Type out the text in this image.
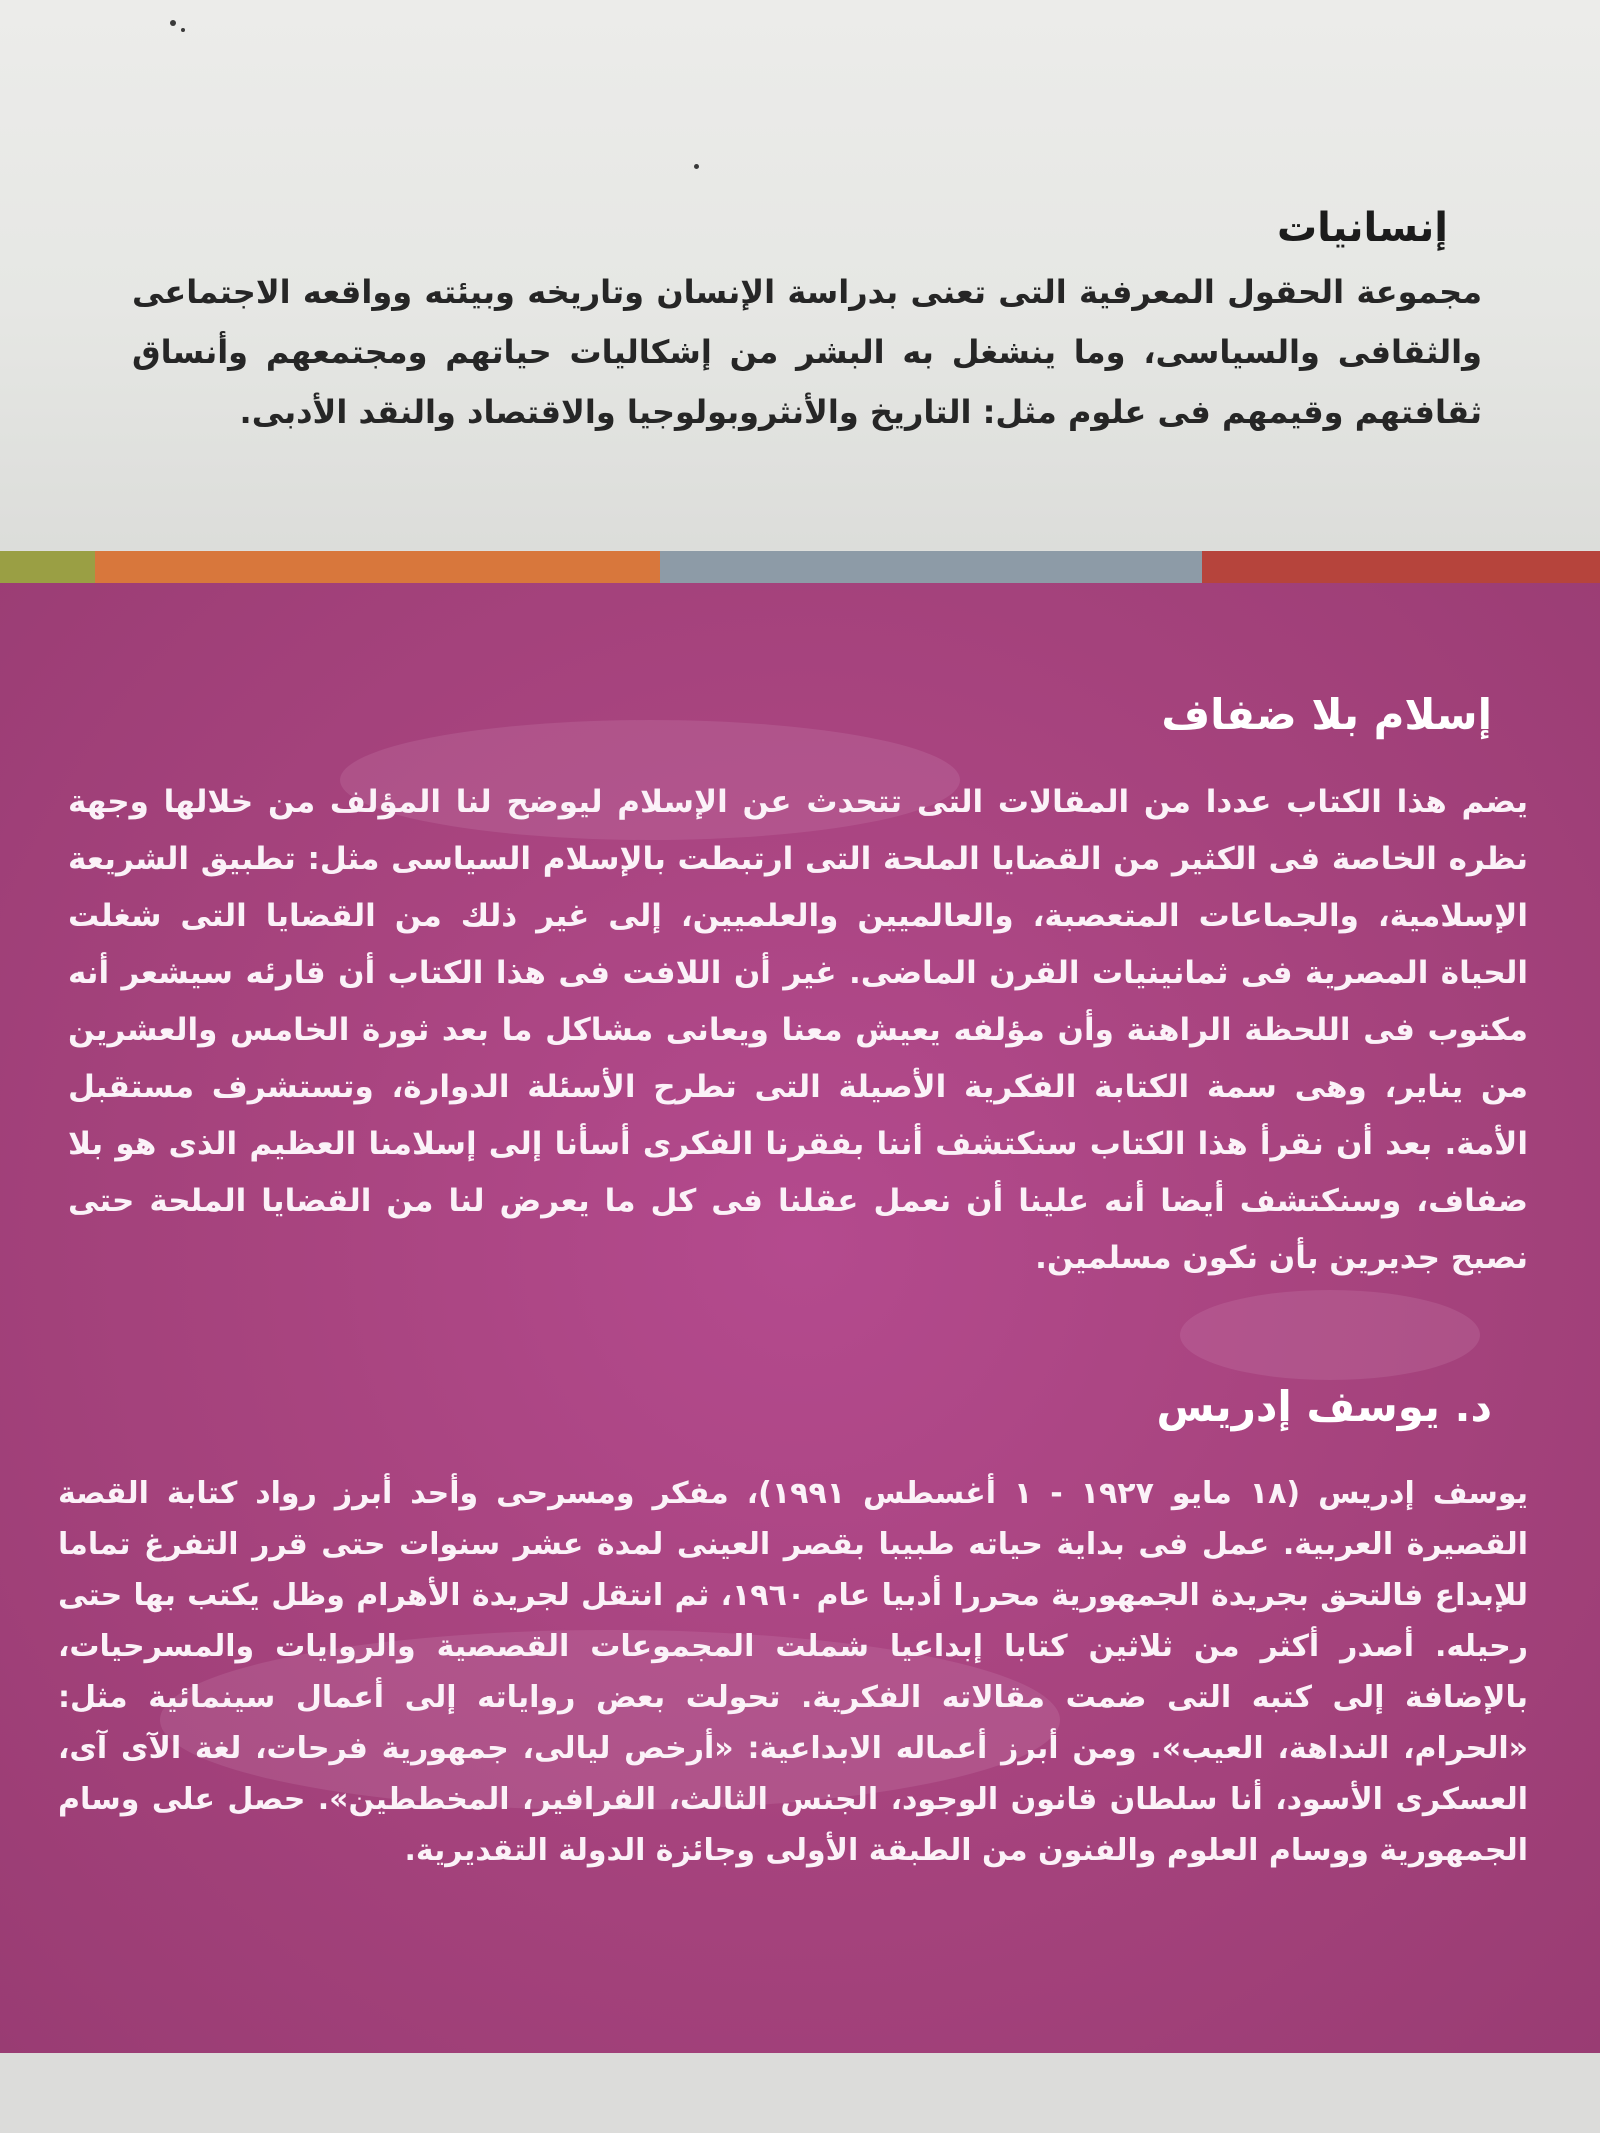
إنسانيات
مجموعة الحقول المعرفية التى تعنى بدراسة الإنسان وتاريخه وبيئته وواقعه الاجتماعى والثقافى والسياسى، وما ينشغل به البشر من إشكاليات حياتهم ومجتمعهم وأنساق ثقافتهم وقيمهم فى علوم مثل: التاريخ والأنثروبولوجيا والاقتصاد والنقد الأدبى.
إسلام بلا ضفاف
يضم هذا الكتاب عددا من المقالات التى تتحدث عن الإسلام ليوضح لنا المؤلف من خلالها وجهة نظره الخاصة فى الكثير من القضايا الملحة التى ارتبطت بالإسلام السياسى مثل: تطبيق الشريعة الإسلامية، والجماعات المتعصبة، والعالميين والعلميين، إلى غير ذلك من القضايا التى شغلت الحياة المصرية فى ثمانينيات القرن الماضى. غير أن اللافت فى هذا الكتاب أن قارئه سيشعر أنه مكتوب فى اللحظة الراهنة وأن مؤلفه يعيش معنا ويعانى مشاكل ما بعد ثورة الخامس والعشرين من يناير، وهى سمة الكتابة الفكرية الأصيلة التى تطرح الأسئلة الدوارة، وتستشرف مستقبل الأمة. بعد أن نقرأ هذا الكتاب سنكتشف أننا بفقرنا الفكرى أسأنا إلى إسلامنا العظيم الذى هو بلا ضفاف، وسنكتشف أيضا أنه علينا أن نعمل عقلنا فى كل ما يعرض لنا من القضايا الملحة حتى نصبح جديرين بأن نكون مسلمين.
د. يوسف إدريس
يوسف إدريس (١٨ مايو ١٩٢٧ - ١ أغسطس ١٩٩١)، مفكر ومسرحى وأحد أبرز رواد كتابة القصة القصيرة العربية. عمل فى بداية حياته طبيبا بقصر العينى لمدة عشر سنوات حتى قرر التفرغ تماما للإبداع فالتحق بجريدة الجمهورية محررا أدبيا عام ١٩٦٠، ثم انتقل لجريدة الأهرام وظل يكتب بها حتى رحيله. أصدر أكثر من ثلاثين كتابا إبداعيا شملت المجموعات القصصية والروايات والمسرحيات، بالإضافة إلى كتبه التى ضمت مقالاته الفكرية. تحولت بعض رواياته إلى أعمال سينمائية مثل: «الحرام، النداهة، العيب». ومن أبرز أعماله الابداعية: «أرخص ليالى، جمهورية فرحات، لغة الآى آى، العسكرى الأسود، أنا سلطان قانون الوجود، الجنس الثالث، الفرافير، المخططين». حصل على وسام الجمهورية ووسام العلوم والفنون من الطبقة الأولى وجائزة الدولة التقديرية.
